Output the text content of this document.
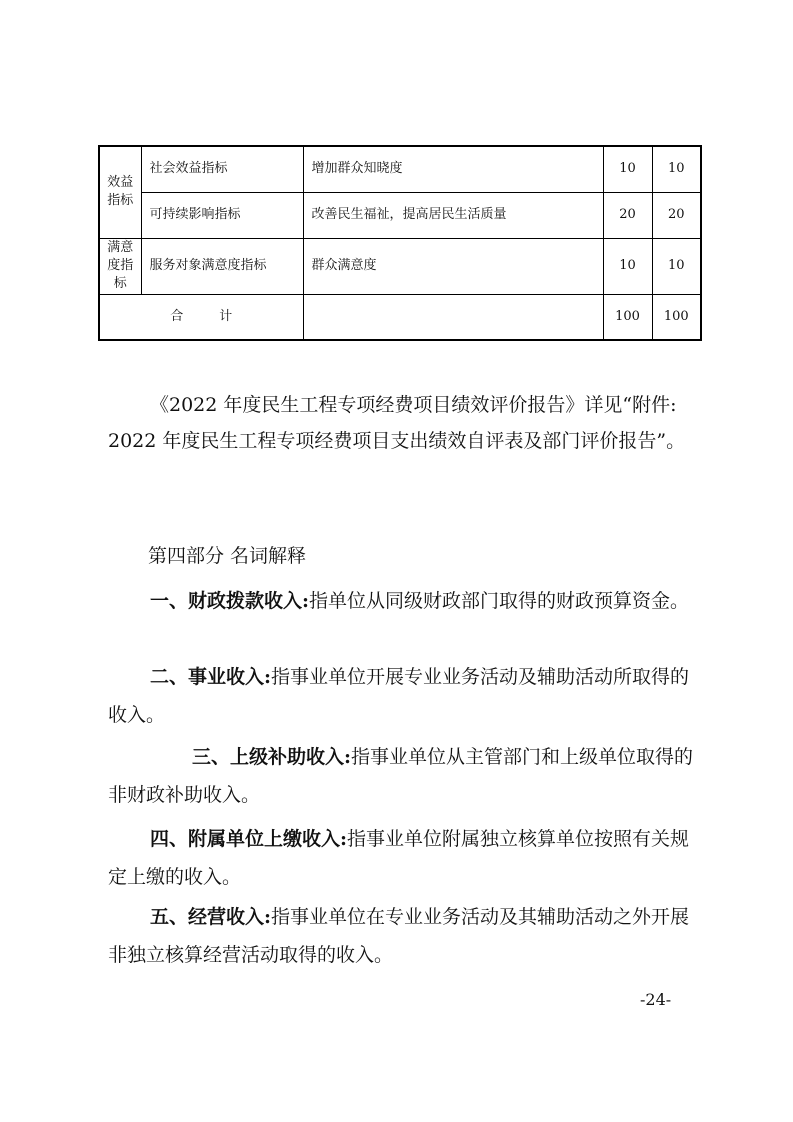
效益
指标	社会效益指标	增加群众知晓度	10	10
	可持续影响指标	改善民生福祉，提高居民生活质量	20	20
满意
度指
标	服务对象满意度指标	群众满意度	10	10
合 计			100	100

《2022 年度民生工程专项经费项目绩效评价报告》详见“附件: 2022 年度民生工程专项经费项目支出绩效自评表及部门评价报告”。

第四部分 名词解释

一、财政拨款收入:指单位从同级财政部门取得的财政预算资金。

二、事业收入:指事业单位开展专业业务活动及辅助活动所取得的收入。

三、上级补助收入:指事业单位从主管部门和上级单位取得的非财政补助收入。

四、附属单位上缴收入:指事业单位附属独立核算单位按照有关规定上缴的收入。

五、经营收入:指事业单位在专业业务活动及其辅助活动之外开展非独立核算经营活动取得的收入。

-24-
